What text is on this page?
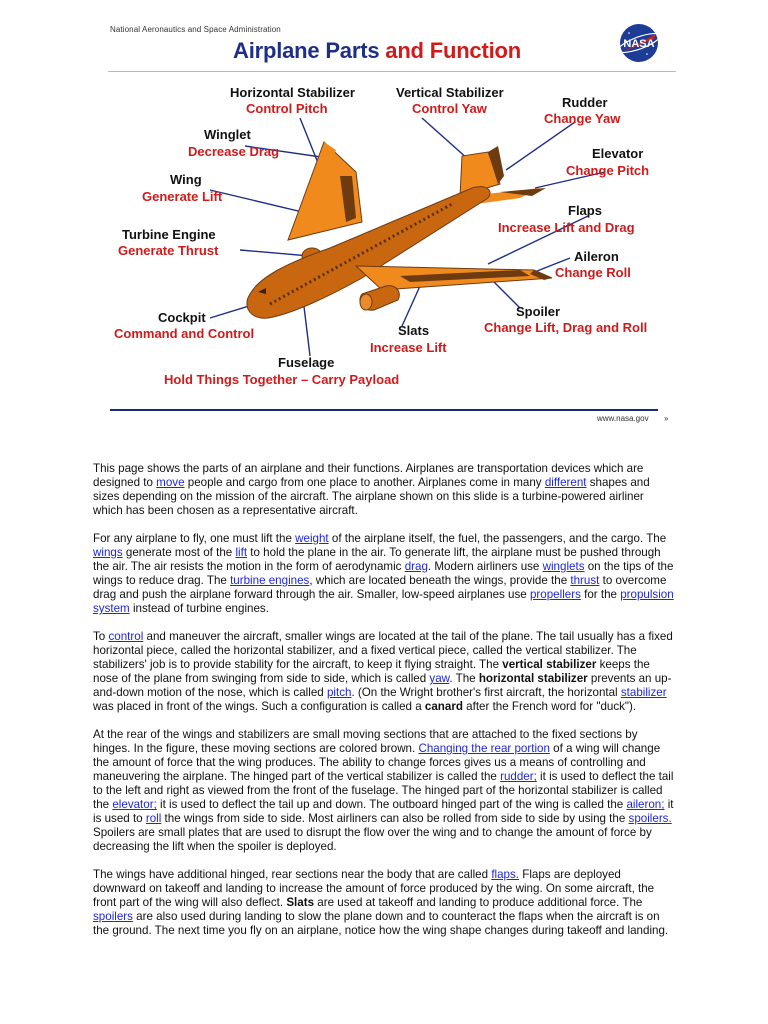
National Aeronautics and Space Administration
Airplane Parts and Function	NASA
Horizontal Stabilizer
Control Pitch
Vertical Stabilizer
Control Yaw	Rudder
Change Yaw
Winglet
Decrease Drag	Elevator
Change Pitch
Wing
Generate Lift
Flaps
Increase Lift and Drag
Turbine Engine
Generate Thrust	Aileron
Change Roll
Cockpit
Command and Control
Spoiler
Change Lift, Drag and Roll
Slats
Increase Lift
Fuselage
Hold Things Together – Carry Payload
www.nasa.gov »

This page shows the parts of an airplane and their functions. Airplanes are transportation devices which are designed to move people and cargo from one place to another. Airplanes come in many different shapes and sizes depending on the mission of the aircraft. The airplane shown on this slide is a turbine-powered airliner which has been chosen as a representative aircraft.

For any airplane to fly, one must lift the weight of the airplane itself, the fuel, the passengers, and the cargo. The wings generate most of the lift to hold the plane in the air. To generate lift, the airplane must be pushed through the air. The air resists the motion in the form of aerodynamic drag. Modern airliners use winglets on the tips of the wings to reduce drag. The turbine engines, which are located beneath the wings, provide the thrust to overcome drag and push the airplane forward through the air. Smaller, low-speed airplanes use propellers for the propulsion system instead of turbine engines.

To control and maneuver the aircraft, smaller wings are located at the tail of the plane. The tail usually has a fixed horizontal piece, called the horizontal stabilizer, and a fixed vertical piece, called the vertical stabilizer. The stabilizers' job is to provide stability for the aircraft, to keep it flying straight. The vertical stabilizer keeps the nose of the plane from swinging from side to side, which is called yaw. The horizontal stabilizer prevents an up-and-down motion of the nose, which is called pitch. (On the Wright brother's first aircraft, the horizontal stabilizer was placed in front of the wings. Such a configuration is called a canard after the French word for "duck").

At the rear of the wings and stabilizers are small moving sections that are attached to the fixed sections by hinges. In the figure, these moving sections are colored brown. Changing the rear portion of a wing will change the amount of force that the wing produces. The ability to change forces gives us a means of controlling and maneuvering the airplane. The hinged part of the vertical stabilizer is called the rudder; it is used to deflect the tail to the left and right as viewed from the front of the fuselage. The hinged part of the horizontal stabilizer is called the elevator; it is used to deflect the tail up and down. The outboard hinged part of the wing is called the aileron; it is used to roll the wings from side to side. Most airliners can also be rolled from side to side by using the spoilers. Spoilers are small plates that are used to disrupt the flow over the wing and to change the amount of force by decreasing the lift when the spoiler is deployed.

The wings have additional hinged, rear sections near the body that are called flaps. Flaps are deployed downward on takeoff and landing to increase the amount of force produced by the wing. On some aircraft, the front part of the wing will also deflect. Slats are used at takeoff and landing to produce additional force. The spoilers are also used during landing to slow the plane down and to counteract the flaps when the aircraft is on the ground. The next time you fly on an airplane, notice how the wing shape changes during takeoff and landing.
